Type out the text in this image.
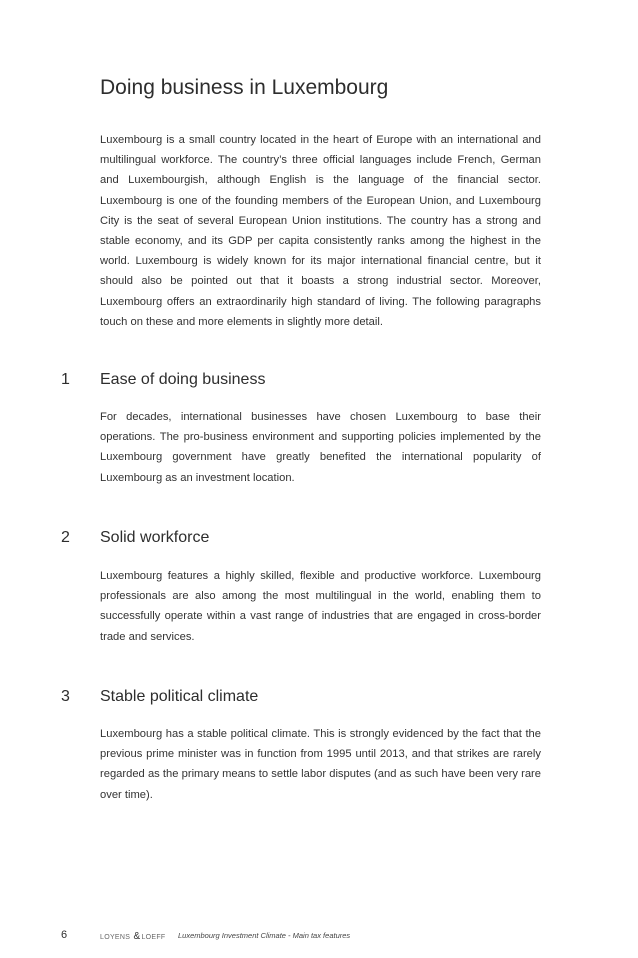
Doing business in Luxembourg

Luxembourg is a small country located in the heart of Europe with an international and multilingual workforce. The country’s three official languages include French, German and Luxembourgish, although English is the language of the financial sector. Luxembourg is one of the founding members of the European Union, and Luxembourg City is the seat of several European Union institutions. The country has a strong and stable economy, and its GDP per capita consistently ranks among the highest in the world. Luxembourg is widely known for its major international financial centre, but it should also be pointed out that it boasts a strong industrial sector. Moreover, Luxembourg offers an extraordinarily high standard of living. The following paragraphs touch on these and more elements in slightly more detail.

1 Ease of doing business

For decades, international businesses have chosen Luxembourg to base their operations. The pro-business environment and supporting policies implemented by the Luxembourg government have greatly benefited the international popularity of Luxembourg as an investment location.

2 Solid workforce

Luxembourg features a highly skilled, flexible and productive workforce. Luxembourg professionals are also among the most multilingual in the world, enabling them to successfully operate within a vast range of industries that are engaged in cross-border trade and services.

3 Stable political climate

Luxembourg has a stable political climate. This is strongly evidenced by the fact that the previous prime minister was in function from 1995 until 2013, and that strikes are rarely regarded as the primary means to settle labor disputes (and as such have been very rare over time).

6	LOYENS &LOEFF Luxembourg Investment Climate - Main tax features
